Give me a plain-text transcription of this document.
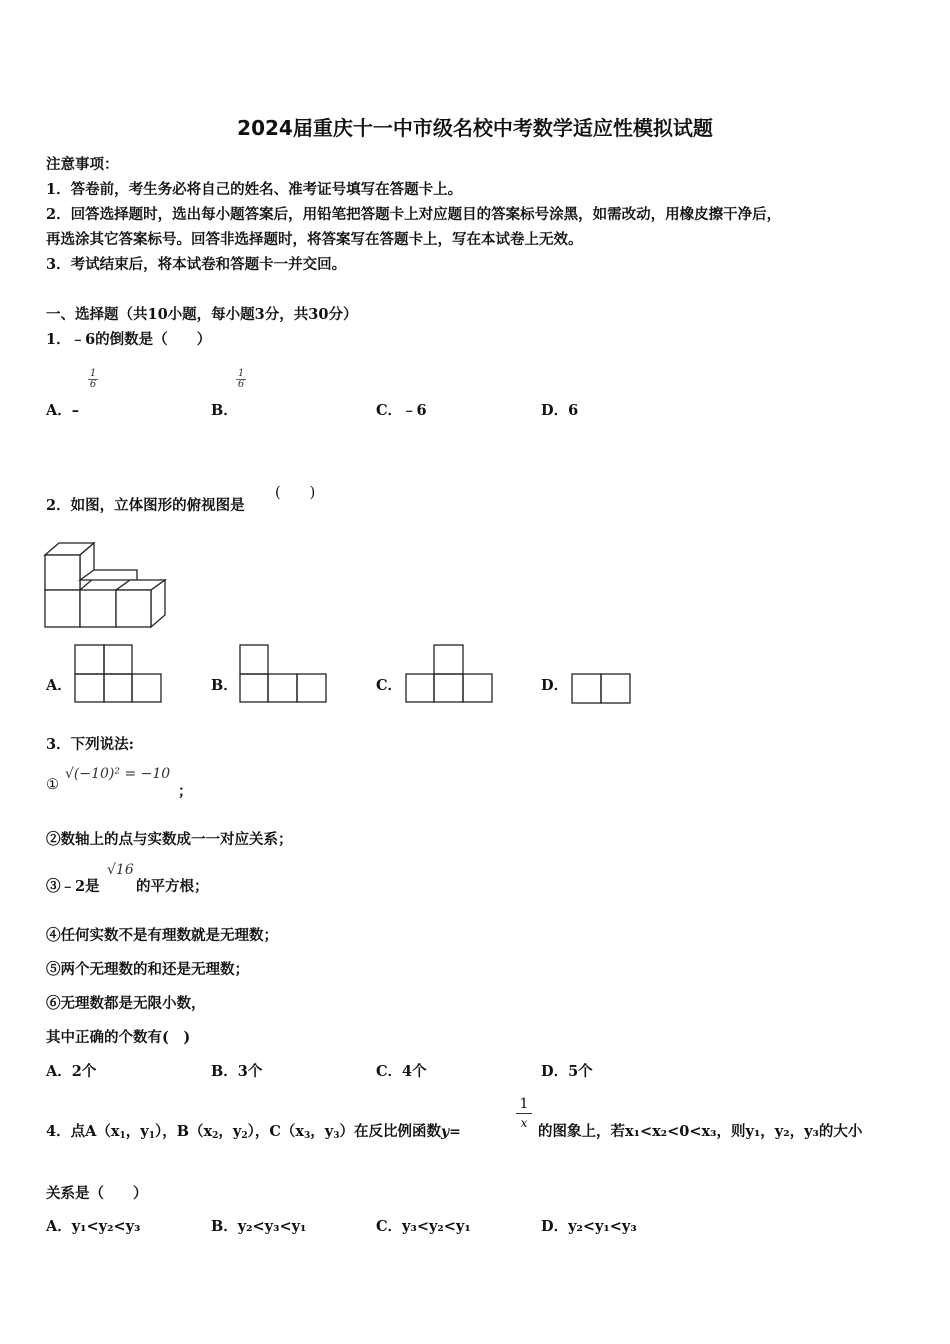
2024届重庆十一中市级名校中考数学适应性模拟试题
注意事项：
1．答卷前，考生务必将自己的姓名、准考证号填写在答题卡上。
2．回答选择题时，选出每小题答案后，用铅笔把答题卡上对应题目的答案标号涂黑，如需改动，用橡皮擦干净后，
再选涂其它答案标号。回答非选择题时，将答案写在答题卡上，写在本试卷上无效。
3．考试结束后，将本试卷和答题卡一并交回。
一、选择题（共10小题，每小题3分，共30分）
1．﹣6的倒数是（　　）
$\frac{1}{6}$
A．–
$\frac{1}{6}$
B．	C．﹣6	D．6
2．如图，立体图形的俯视图是
(　　)
A．	B．	C．	D．
3．下列说法:
①
√(−10)² = −10
；
②数轴上的点与实数成一一对应关系；
③﹣2是
√16
的平方根；
④任何实数不是有理数就是无理数；
⑤两个无理数的和还是无理数；
⑥无理数都是无限小数，
其中正确的个数有(　)
A．2个	B．3个	C．4个	D．5个
4．点$A(x_1$，$y_1$），$B(x_2$，$y_2$），$C(x_3$，$y_3$）在反比例函数y=	$\frac{1}{x}$ 的图象上，若x₁<x₂<0<x₃，则y₁，y₂，y₃的大小
关系是（　　）
A．y₁<y₂<y₃	B．y₂<y₃<y₁	C．y₃<y₂<y₁	D．y₂<y₁<y₃
